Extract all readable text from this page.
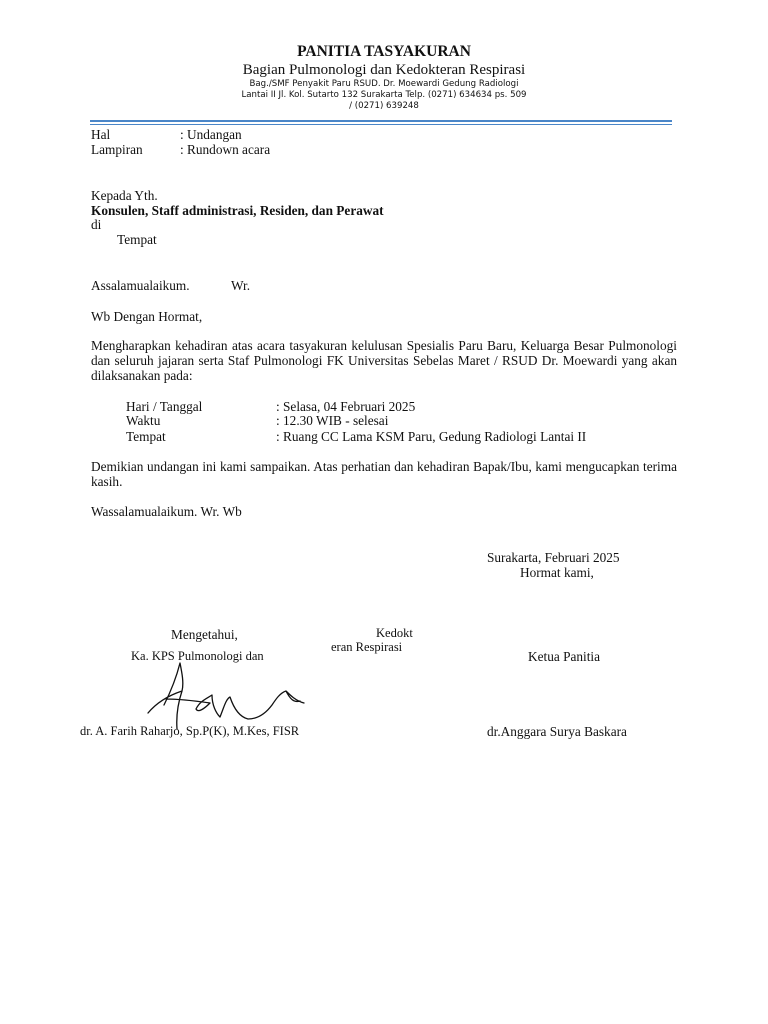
PANITIA TASYAKURAN
Bagian Pulmonologi dan Kedokteran Respirasi
Bag./SMF Penyakit Paru RSUD. Dr. Moewardi Gedung Radiologi
Lantai II Jl. Kol. Sutarto 132 Surakarta Telp. (0271) 634634 ps. 509
/ (0271) 639248
Hal	: Undangan
Lampiran	: Rundown acara
Kepada Yth.
Konsulen, Staff administrasi, Residen, dan Perawat
di
Tempat
Assalamualaikum.	Wr.
Wb Dengan Hormat,
Mengharapkan kehadiran atas acara tasyakuran kelulusan Spesialis Paru Baru, Keluarga Besar Pulmonologi dan seluruh jajaran serta Staf Pulmonologi FK Universitas Sebelas Maret / RSUD Dr. Moewardi yang akan dilaksanakan pada:
Hari / Tanggal	: Selasa, 04 Februari 2025
Waktu	: 12.30 WIB - selesai
Tempat	: Ruang CC Lama KSM Paru, Gedung Radiologi Lantai II
Demikian undangan ini kami sampaikan. Atas perhatian dan kehadiran Bapak/Ibu, kami mengucapkan terima kasih.
Wassalamualaikum. Wr. Wb
Surakarta, Februari 2025
Hormat kami,
Mengetahui,	Kedokt
eran Respirasi
Ka. KPS Pulmonologi dan	Ketua Panitia
dr. A. Farih Raharjo, Sp.P(K), M.Kes, FISR	dr.Anggara Surya Baskara
